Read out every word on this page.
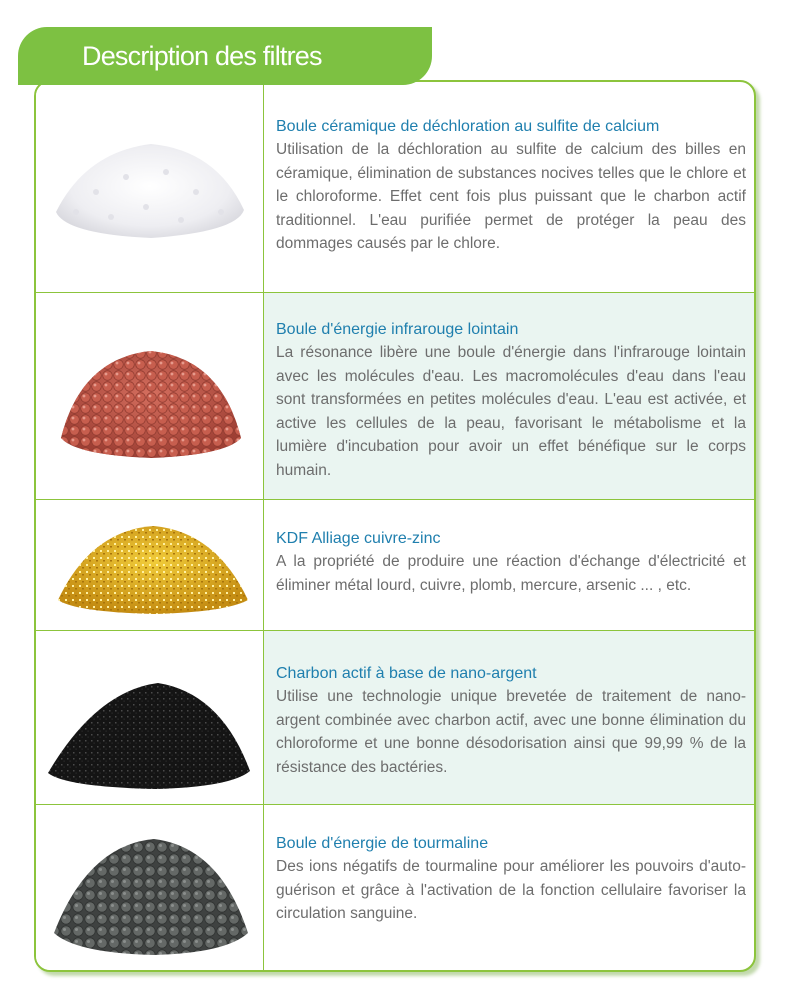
Description des filtres
Boule céramique de déchloration au sulfite de calcium
Utilisation de la déchloration au sulfite de calcium des billes en céramique, élimination de substances nocives telles que le chlore et le chloroforme. Effet cent fois plus puissant que le charbon actif traditionnel. L'eau purifiée permet de protéger la peau des dommages causés par le chlore.
Boule d'énergie infrarouge lointain
La résonance libère une boule d'énergie dans l'infrarouge lointain avec les molécules d'eau. Les macromolécules d'eau dans l'eau sont transformées en petites molécules d'eau. L'eau est activée, et active les cellules de la peau, favorisant le métabolisme et la lumière d'incubation pour avoir un effet bénéfique sur le corps humain.
KDF Alliage cuivre-zinc
A la propriété de produire une réaction d'échange d'électricité et éliminer métal lourd, cuivre, plomb, mercure, arsenic ... , etc.
Charbon actif à base de nano-argent
Utilise une technologie unique brevetée de traitement de nano-argent combinée avec charbon actif, avec une bonne élimination du chloroforme et une bonne désodorisation ainsi que 99,99 % de la résistance des bactéries.
Boule d'énergie de tourmaline
Des ions négatifs de tourmaline pour améliorer les pouvoirs d'auto-guérison et grâce à l'activation de la fonction cellulaire favoriser la circulation sanguine.
